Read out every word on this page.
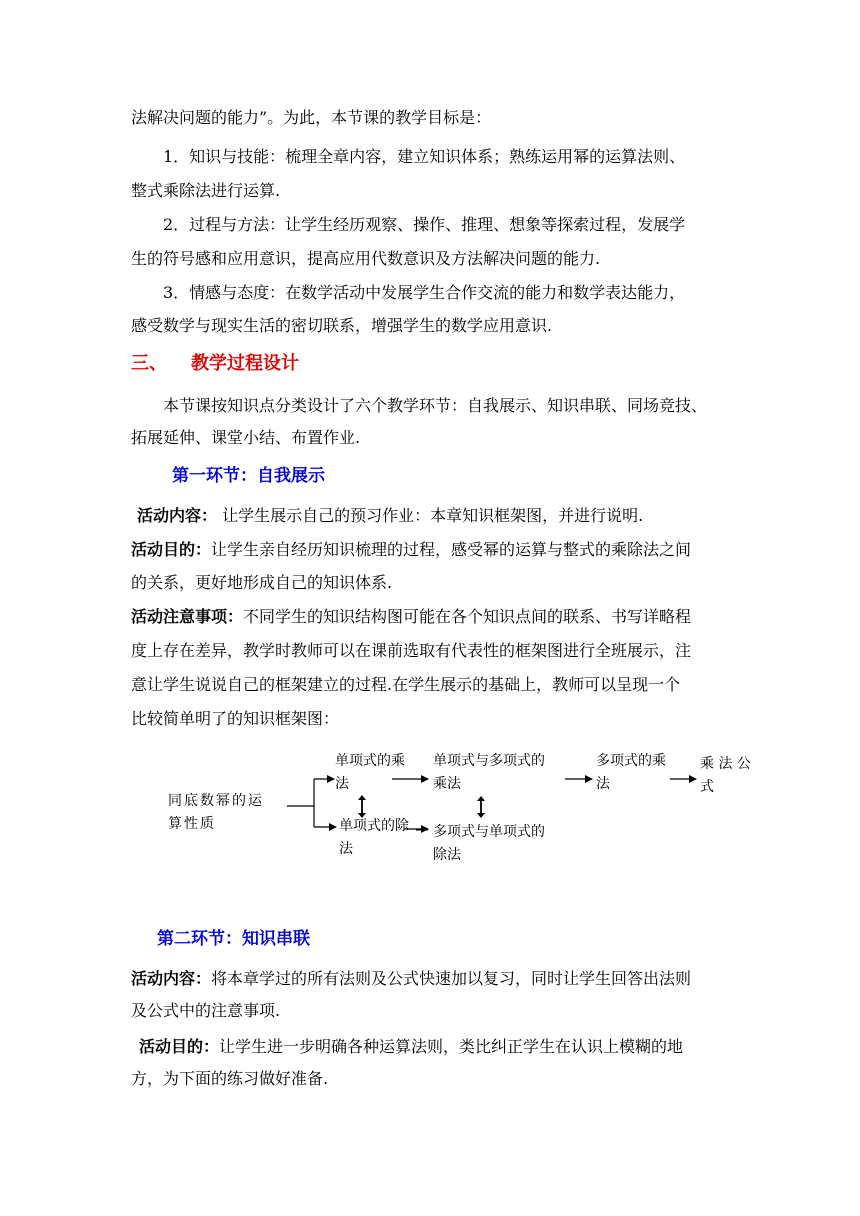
法解决问题的能力”。为此，本节课的教学目标是：
1．知识与技能：梳理全章内容，建立知识体系；熟练运用幂的运算法则、
整式乘除法进行运算.
2．过程与方法：让学生经历观察、操作、推理、想象等探索过程，发展学
生的符号感和应用意识，提高应用代数意识及方法解决问题的能力.
3．情感与态度：在数学活动中发展学生合作交流的能力和数学表达能力，
感受数学与现实生活的密切联系，增强学生的数学应用意识.
三、 教学过程设计
本节课按知识点分类设计了六个教学环节：自我展示、知识串联、同场竞技、
拓展延伸、课堂小结、布置作业.
第一环节：自我展示
活动内容： 让学生展示自己的预习作业：本章知识框架图，并进行说明.
活动目的：让学生亲自经历知识梳理的过程，感受幂的运算与整式的乘除法之间
的关系，更好地形成自己的知识体系.
活动注意事项：不同学生的知识结构图可能在各个知识点间的联系、书写详略程
度上存在差异，教学时教师可以在课前选取有代表性的框架图进行全班展示，注
意让学生说说自己的框架建立的过程.在学生展示的基础上，教师可以呈现一个
比较简单明了的知识框架图：
同底数幂的运
算性质
单项式的乘
法
单项式的除
法
单项式与多项式的
乘法
多项式与单项式的
除法
多项式的乘
法
乘 法 公
式
第二环节：知识串联
活动内容：将本章学过的所有法则及公式快速加以复习，同时让学生回答出法则
及公式中的注意事项.
活动目的：让学生进一步明确各种运算法则，类比纠正学生在认识上模糊的地
方，为下面的练习做好准备.
